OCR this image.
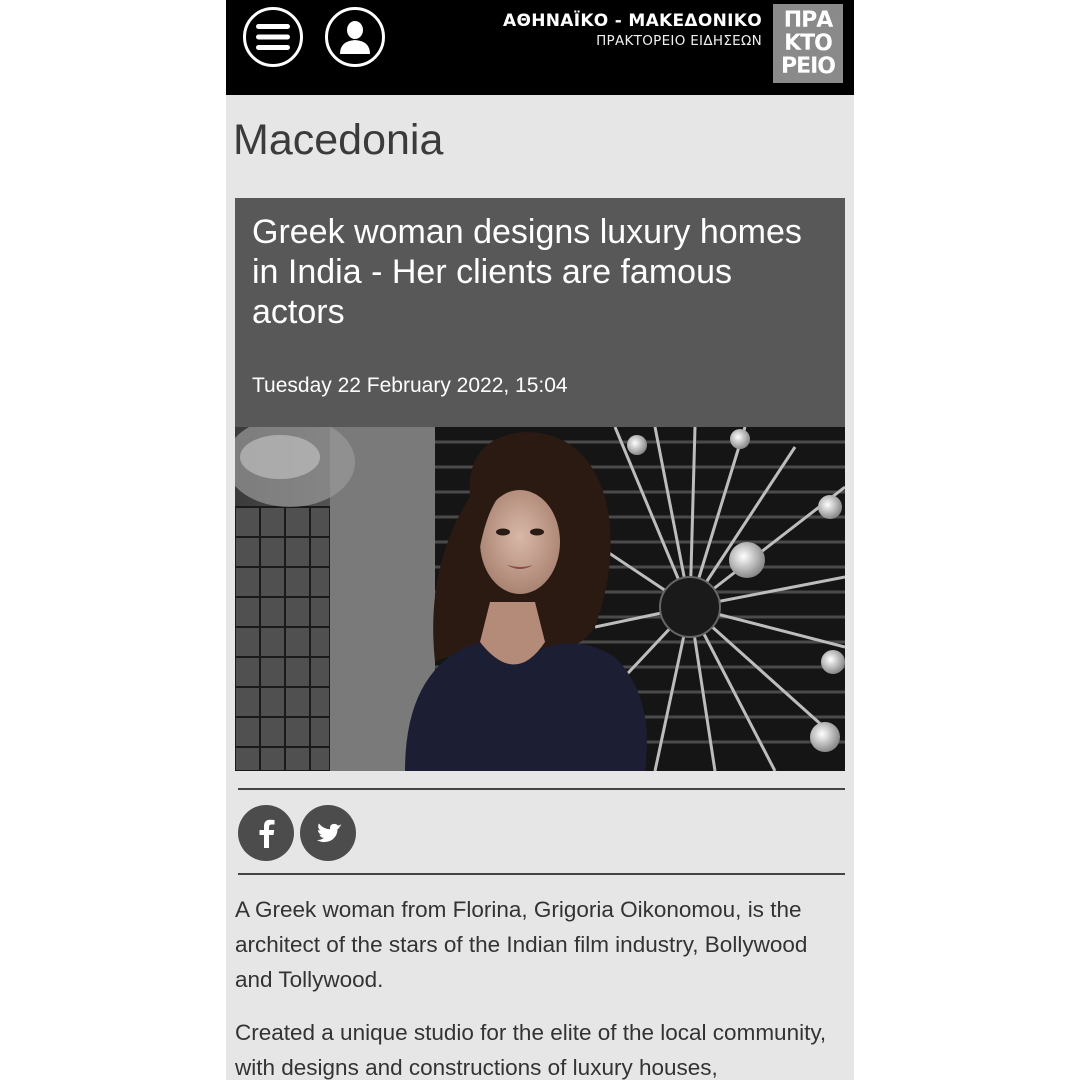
ΑΘΗΝΑΪΚΟ - ΜΑΚΕΔΟΝΙΚΟ
ΠΡΑΚΤΟΡΕΙΟ ΕΙΔΗΣΕΩΝ
ΠΡΑ
ΚΤΟ
ΡΕΙΟ
Macedonia
Greek woman designs luxury homes in India - Her clients are famous actors
Tuesday 22 February 2022, 15:04

A Greek woman from Florina, Grigoria Oikonomou, is the architect of the stars of the Indian film industry, Bollywood and Tollywood.

Created a unique studio for the elite of the local community, with designs and constructions of luxury houses,
